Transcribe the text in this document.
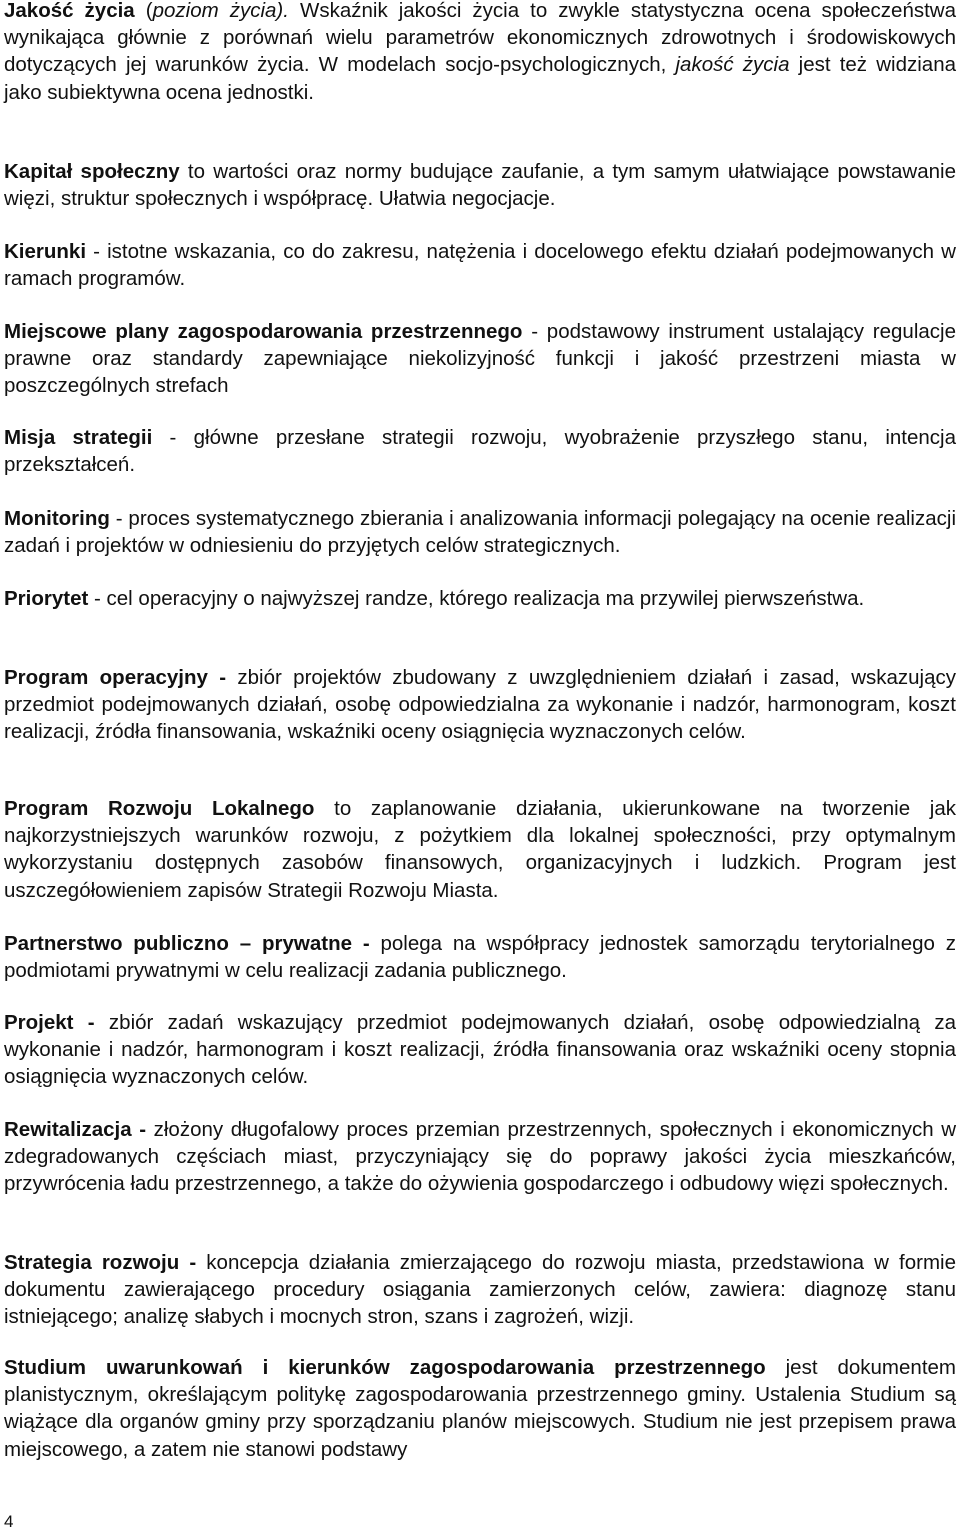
Jakość życia (poziom życia). Wskaźnik jakości życia to zwykle statystyczna ocena społeczeństwa wynikająca głównie z porównań wielu parametrów ekonomicznych zdrowotnych i środowiskowych dotyczących jej warunków życia. W modelach socjo-psychologicznych, jakość życia jest też widziana jako subiektywna ocena jednostki.

Kapitał społeczny to wartości oraz normy budujące zaufanie, a tym samym ułatwiające powstawanie więzi, struktur społecznych i współpracę. Ułatwia negocjacje.

Kierunki - istotne wskazania, co do zakresu, natężenia i docelowego efektu działań podejmowanych w ramach programów.

Miejscowe plany zagospodarowania przestrzennego - podstawowy instrument ustalający regulacje prawne oraz standardy zapewniające niekolizyjność funkcji i jakość przestrzeni miasta w poszczególnych strefach

Misja strategii - główne przesłane strategii rozwoju, wyobrażenie przyszłego stanu, intencja przekształceń.

Monitoring - proces systematycznego zbierania i analizowania informacji polegający na ocenie realizacji zadań i projektów w odniesieniu do przyjętych celów strategicznych.

Priorytet - cel operacyjny o najwyższej randze, którego realizacja ma przywilej pierwszeństwa.

Program operacyjny - zbiór projektów zbudowany z uwzględnieniem działań i zasad, wskazujący przedmiot podejmowanych działań, osobę odpowiedzialna za wykonanie i nadzór, harmonogram, koszt realizacji, źródła finansowania, wskaźniki oceny osiągnięcia wyznaczonych celów.

Program Rozwoju Lokalnego to zaplanowanie działania, ukierunkowane na tworzenie jak najkorzystniejszych warunków rozwoju, z pożytkiem dla lokalnej społeczności, przy optymalnym wykorzystaniu dostępnych zasobów finansowych, organizacyjnych i ludzkich. Program jest uszczegółowieniem zapisów Strategii Rozwoju Miasta.

Partnerstwo publiczno – prywatne - polega na współpracy jednostek samorządu terytorialnego z podmiotami prywatnymi w celu realizacji zadania publicznego.

Projekt - zbiór zadań wskazujący przedmiot podejmowanych działań, osobę odpowiedzialną za wykonanie i nadzór, harmonogram i koszt realizacji, źródła finansowania oraz wskaźniki oceny stopnia osiągnięcia wyznaczonych celów.

Rewitalizacja - złożony długofalowy proces przemian przestrzennych, społecznych i ekonomicznych w zdegradowanych częściach miast, przyczyniający się do poprawy jakości życia mieszkańców, przywrócenia ładu przestrzennego, a także do ożywienia gospodarczego i odbudowy więzi społecznych.

Strategia rozwoju - koncepcja działania zmierzającego do rozwoju miasta, przedstawiona w formie dokumentu zawierającego procedury osiągania zamierzonych celów, zawiera: diagnozę stanu istniejącego; analizę słabych i mocnych stron, szans i zagrożeń, wizji.

Studium uwarunkowań i kierunków zagospodarowania przestrzennego jest dokumentem planistycznym, określającym politykę zagospodarowania przestrzennego gminy. Ustalenia Studium są wiążące dla organów gminy przy sporządzaniu planów miejscowych. Studium nie jest przepisem prawa miejscowego, a zatem nie stanowi podstawy

4
